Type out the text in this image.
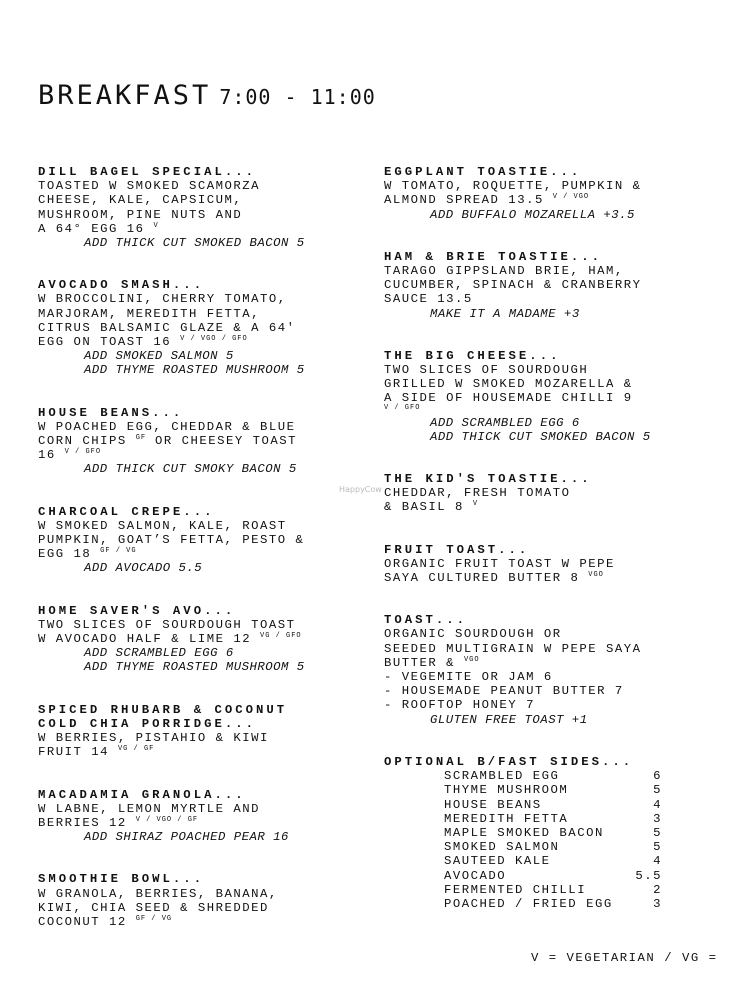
BREAKFAST 7:00 - 11:00
DILL BAGEL SPECIAL...
TOASTED W SMOKED SCAMORZA
CHEESE, KALE, CAPSICUM,
MUSHROOM, PINE NUTS AND
A 64° EGG 16 $^V$
ADD THICK CUT SMOKED BACON 5
AVOCADO SMASH...
W BROCCOLINI, CHERRY TOMATO,
MARJORAM, MEREDITH FETTA,
CITRUS BALSAMIC GLAZE & A 64'
EGG ON TOAST 16 $^{V / VGO / GFO}$
ADD SMOKED SALMON 5
ADD THYME ROASTED MUSHROOM 5
HOUSE BEANS...
W POACHED EGG, CHEDDAR & BLUE
CORN CHIPS $^{GF}$ OR CHEESEY TOAST
16 $^{V / GFO}$
ADD THICK CUT SMOKY BACON 5
CHARCOAL CREPE...
W SMOKED SALMON, KALE, ROAST
PUMPKIN, GOAT’S FETTA, PESTO &
EGG 18 $^{GF / VG}$
ADD AVOCADO 5.5
HOME SAVER'S AVO...
TWO SLICES OF SOURDOUGH TOAST
W AVOCADO HALF & LIME 12 $^{VG / GFO}$
ADD SCRAMBLED EGG 6
ADD THYME ROASTED MUSHROOM 5
SPICED RHUBARB & COCONUT
COLD CHIA PORRIDGE...
W BERRIES, PISTAHIO & KIWI
FRUIT 14 $^{VG / GF}$
MACADAMIA GRANOLA...
W LABNE, LEMON MYRTLE AND
BERRIES 12 $^{V / VGO / GF}$
ADD SHIRAZ POACHED PEAR 16
SMOOTHIE BOWL...
W GRANOLA, BERRIES, BANANA,
KIWI, CHIA SEED & SHREDDED
COCONUT 12 $^{GF / VG}$
EGGPLANT TOASTIE...
W TOMATO, ROQUETTE, PUMPKIN &
ALMOND SPREAD 13.5 $^{V / VGO}$
ADD BUFFALO MOZARELLA +3.5
HAM & BRIE TOASTIE...
TARAGO GIPPSLAND BRIE, HAM,
CUCUMBER, SPINACH & CRANBERRY
SAUCE 13.5
MAKE IT A MADAME +3
THE BIG CHEESE...
TWO SLICES OF SOURDOUGH
GRILLED W SMOKED MOZARELLA &
A SIDE OF HOUSEMADE CHILLI 9
$^{V / GFO}$
ADD SCRAMBLED EGG 6
ADD THICK CUT SMOKED BACON 5
THE KID'S TOASTIE...
CHEDDAR, FRESH TOMATO
& BASIL 8 $^V$
FRUIT TOAST...
ORGANIC FRUIT TOAST W PEPE
SAYA CULTURED BUTTER 8 $^{VGO}$
TOAST...
ORGANIC SOURDOUGH OR
SEEDED MULTIGRAIN W PEPE SAYA
BUTTER & $^{VGO}$
- VEGEMITE OR JAM 6
- HOUSEMADE PEANUT BUTTER 7
- ROOFTOP HONEY 7
GLUTEN FREE TOAST +1
OPTIONAL B/FAST SIDES...
SCRAMBLED EGG	6
THYME MUSHROOM	5
HOUSE BEANS	4
MEREDITH FETTA	3
MAPLE SMOKED BACON	5
SMOKED SALMON	5
SAUTEED KALE	4
AVOCADO	5.5
FERMENTED CHILLI	2
POACHED / FRIED EGG	3
HappyCow
V = VEGETARIAN / VG =
